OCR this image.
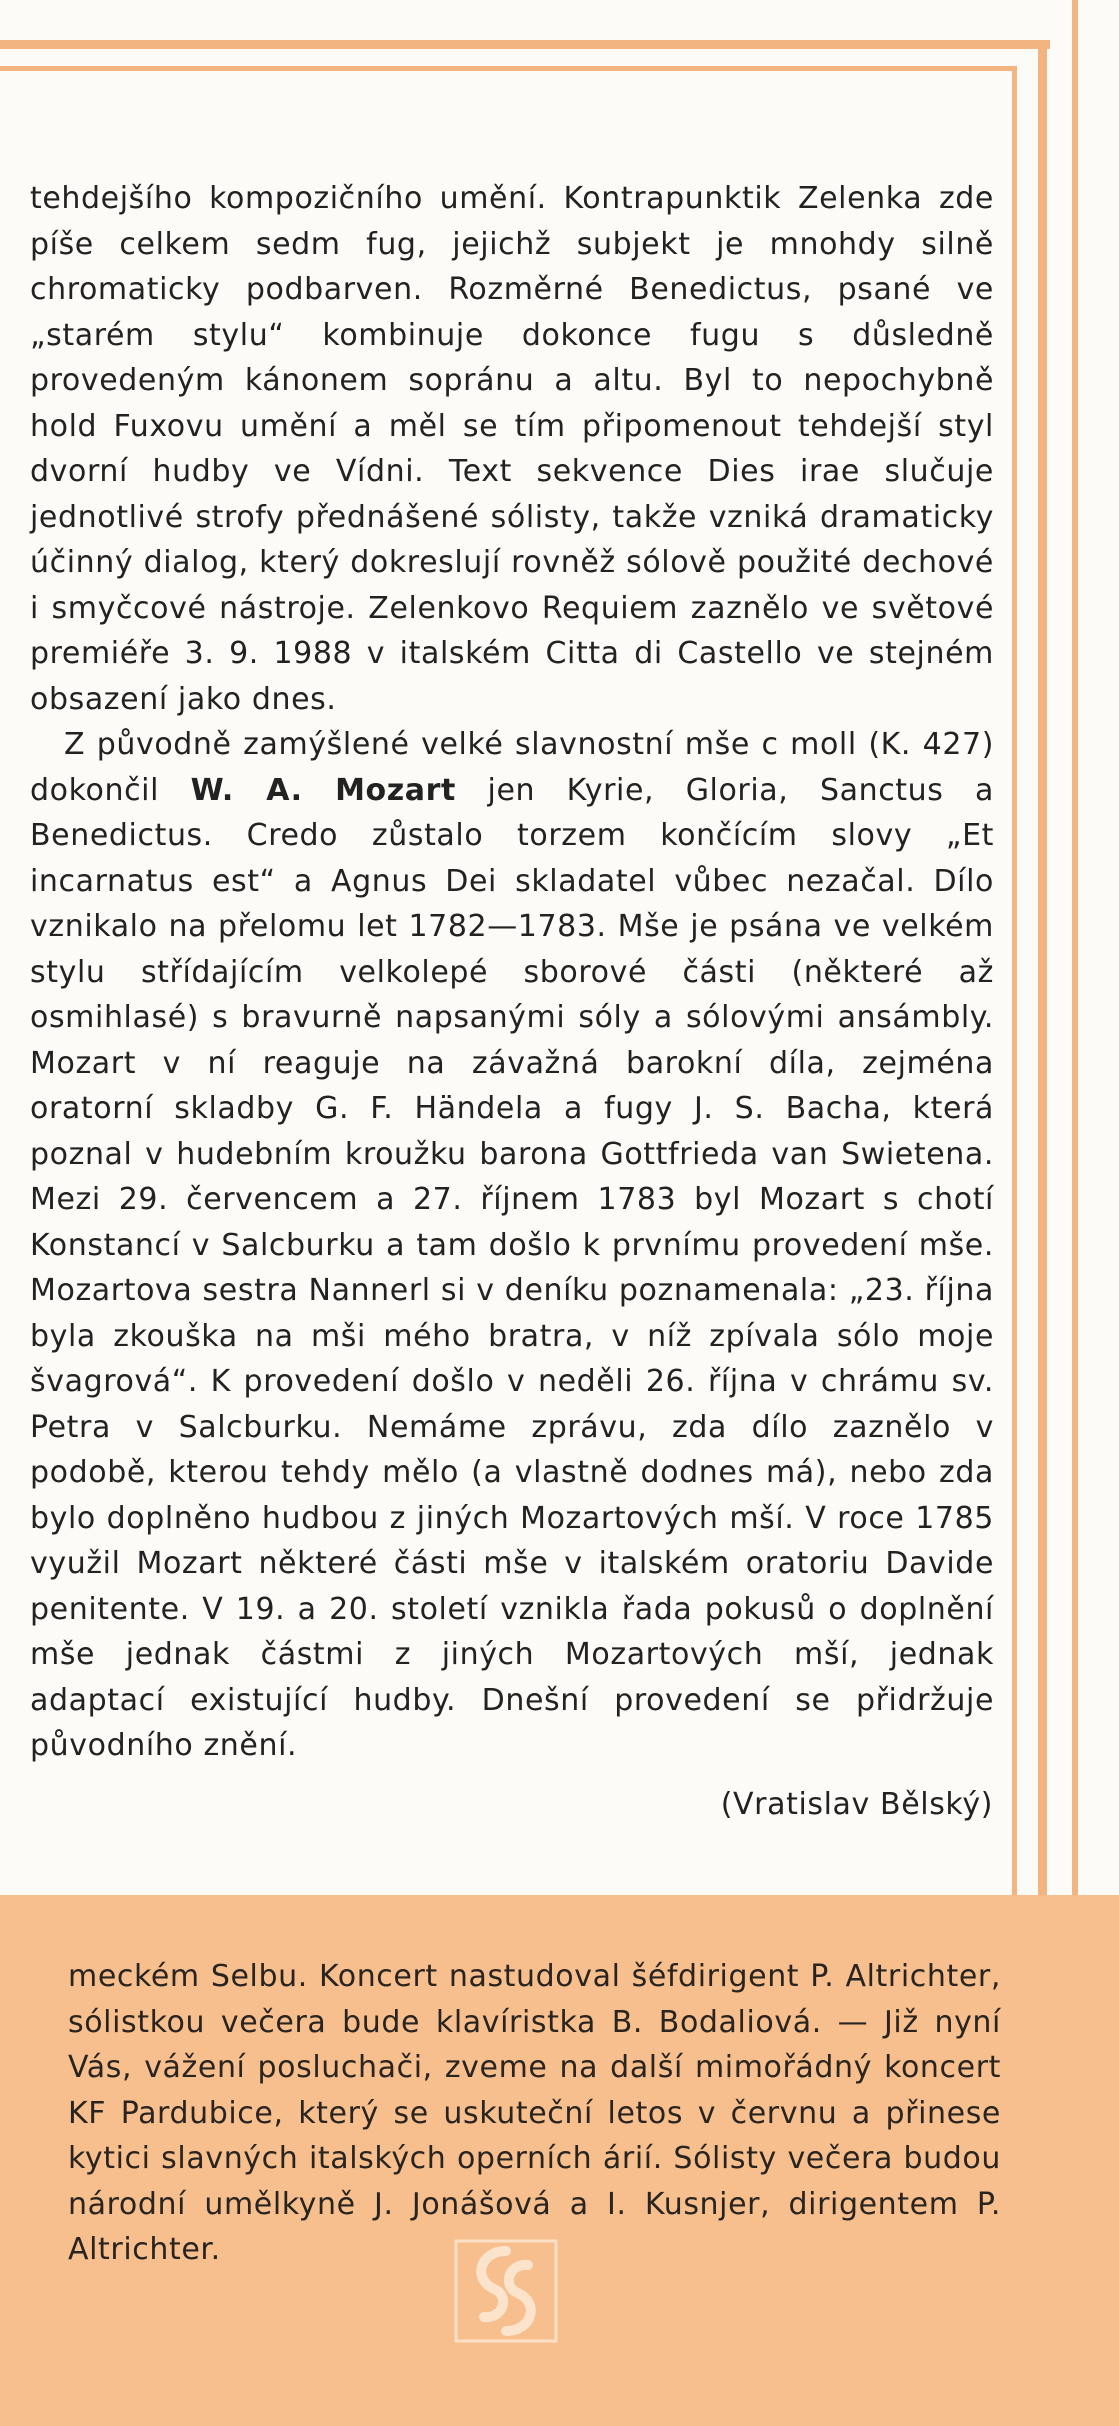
tehdejšího kompozičního umění. Kontrapunktik Zelenka zde píše celkem sedm fug, jejichž subjekt je mnohdy silně chromaticky podbarven. Rozměrné Benedictus, psané ve „starém stylu“ kombinuje dokonce fugu s důsledně provedeným kánonem sopránu a altu. Byl to nepochybně hold Fuxovu umění a měl se tím připomenout tehdejší styl dvorní hudby ve Vídni. Text sekvence Dies irae slučuje jednotlivé strofy přednášené sólisty, takže vzniká dramaticky účinný dialog, který dokreslují rovněž sólově použité dechové i smyčcové nástroje. Zelenkovo Requiem zaznělo ve světové premiéře 3. 9. 1988 v italském Citta di Castello ve stejném obsazení jako dnes.

Z původně zamýšlené velké slavnostní mše c moll (K. 427) dokončil W. A. Mozart jen Kyrie, Gloria, Sanctus a Benedictus. Credo zůstalo torzem končícím slovy „Et incarnatus est“ a Agnus Dei skladatel vůbec nezačal. Dílo vznikalo na přelomu let 1782—1783. Mše je psána ve velkém stylu střídajícím velkolepé sborové části (některé až osmihlasé) s bravurně napsanými sóly a sólovými ansámbly. Mozart v ní reaguje na závažná barokní díla, zejména oratorní skladby G. F. Händela a fugy J. S. Bacha, která poznal v hudebním kroužku barona Gottfrieda van Swietena. Mezi 29. červencem a 27. říjnem 1783 byl Mozart s chotí Konstancí v Salcburku a tam došlo k prvnímu provedení mše. Mozartova sestra Nannerl si v deníku poznamenala: „23. října byla zkouška na mši mého bratra, v níž zpívala sólo moje švagrová“. K provedení došlo v neděli 26. října v chrámu sv. Petra v Salcburku. Nemáme zprávu, zda dílo zaznělo v podobě, kterou tehdy mělo (a vlastně dodnes má), nebo zda bylo doplněno hudbou z jiných Mozartových mší. V roce 1785 využil Mozart některé části mše v italském oratoriu Davide penitente. V 19. a 20. století vznikla řada pokusů o doplnění mše jednak částmi z jiných Mozartových mší, jednak adaptací existující hudby. Dnešní provedení se přidržuje původního znění.

(Vratislav Bělský)
meckém Selbu. Koncert nastudoval šéfdirigent P. Altrichter, sólistkou večera bude klavíristka B. Bodaliová. — Již nyní Vás, vážení posluchači, zveme na další mimořádný koncert KF Pardubice, který se uskuteční letos v červnu a přinese kytici slavných italských operních árií. Sólisty večera budou národní umělkyně J. Jonášová a I. Kusnjer, dirigentem P. Altrichter.
